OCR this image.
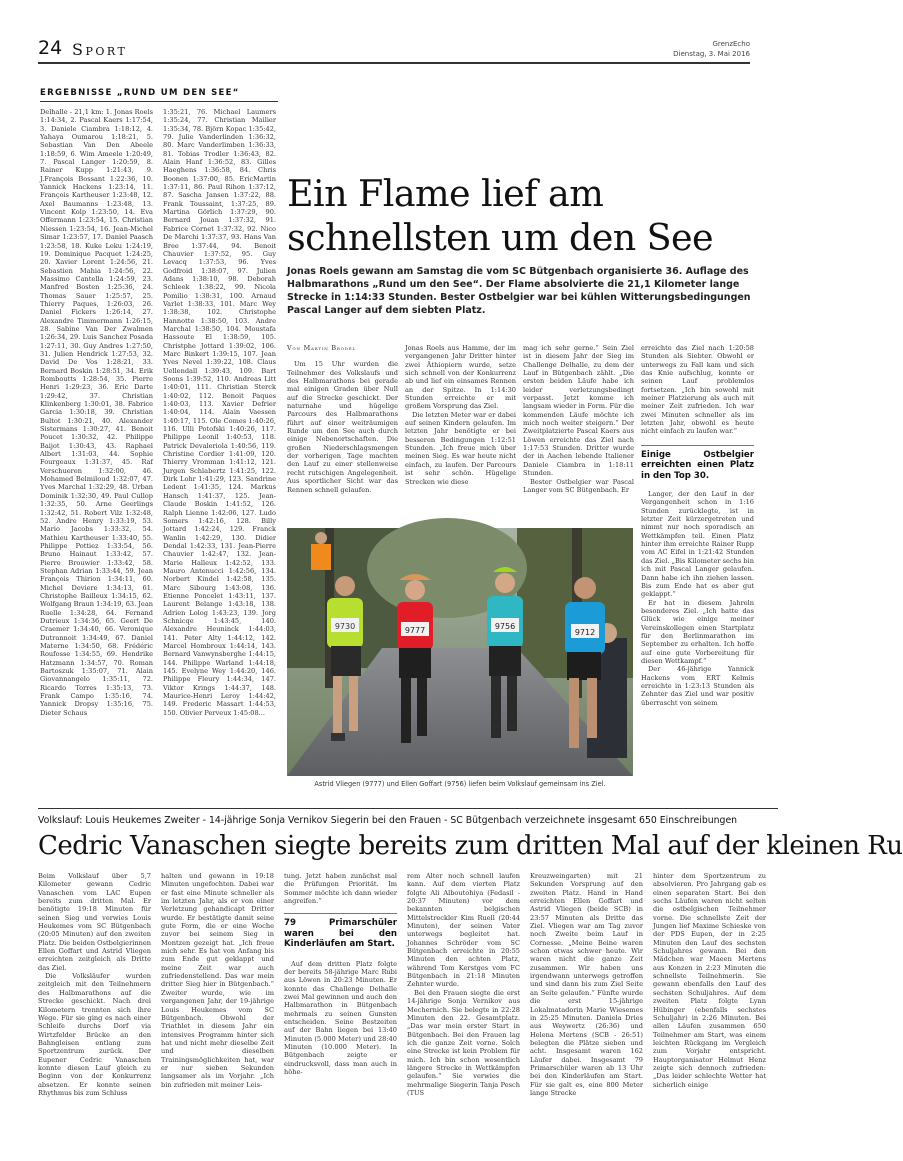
24 Sport	GrenzEcho
Dienstag, 3. Mai 2016
ERGEBNISSE „RUND UM DEN SEE“

Delhalle - 21,1 km: 1. Jonas Roels 1:14:34, 2. Pascal Kaers 1:17:54, 3. Daniele Ciambra 1:18:12, 4. Yahaya Oumarou 1:18:21, 5. Sebastian Van Den Abeele 1:18:59, 6. Wim Ameele 1:20:49, 7. Pascal Langer 1:20:59, 8. Rainer Kupp 1:21:43, 9. J.François Bossant 1:22:36, 10. Yannick Hackens 1:23:14, 11. François Kartheuser 1:23:48, 12. Axel Baumanns 1:23:48, 13. Vincent Kolp 1:23:50, 14. Eva Offermann 1:23:54, 15. Christian Niessen 1:23:54, 16. Jean-Michel Simar 1:23:57, 17. Daniel Paasch 1:23:58, 18. Kuke Leku 1:24:19, 19. Dominique Pacquet 1:24:25, 20. Xavier Lorent 1:24:56, 21. Sebastien Mahia 1:24:56, 22. Massimo Cantella 1:24:59, 23. Manfred Bosten 1:25:36, 24. Thomas Sauer 1:25:57, 25. Thierry Paques, 1:26:03, 26. Daniel Fickers 1:26:14, 27. Alexandre Timmermann 1:26:15, 28. Sabine Van Der Zwalmen 1:26:34, 29. Luis Sanchez Posada 1:27:11, 30. Guy Andres 1:27:50, 31. Julien Hendrick 1:27:53, 32. David De Vos 1:28:21, 33. Bernard Boskin 1:28:51, 34. Erik Romboutts 1:28:54, 35. Pierre Henri 1:29:23, 36. Eric Darte 1:29:42, 37. Christian Klinkenberg 1:30:01, 38. Fabrice Garcia 1:30:18, 39. Christian Bultot 1:30:21, 40. Alexander Sistermans 1:30:27, 41. Benoit Poucet 1:30:32, 42. Philippe Baijot 1:30:43, 43. Raphael Albert 1:31:03, 44. Sophie Fourgeaux 1:31:37, 45. Raf Verschueren 1:32:00, 46. Mohamed Belmiloud 1:32:07, 47. Yves Marchal 1:32:29, 48. Urban Dominik 1:32:30, 49. Paul Cullop 1:32:35, 50. Arne Geerlings 1:32:42, 51. Robert Vilz 1:32:48, 52. Andre Henry 1:33:19, 53. Mario Jacobs 1:33:32, 54. Mathieu Kartheuser 1:33:40, 55. Philippe Pottiez 1:33:54, 56. Bruno Hainaut 1:33:42, 57. Pierre Brouwier 1:33:42, 58. Stephan Adrian 1:33:44, 59. Jean François Thirion 1:34:11, 60. Michel Deviere 1:34:13, 61. Christophe Bailleux 1:34:15, 62. Wolfgang Braun 1:34:19, 63. Jean Ruelle 1:34:28, 64. Fernand Dutrieux 1:34:36, 65. Geert De Craemer 1:34:40, 66. Veronique Dutrannoit 1:34:49, 67. Daniel Materne 1:34:50, 68. Frédéric Roufosse 1:34:55, 69. Hendrike Hatzmann 1:34:57, 70. Roman Bartoszuk 1:35:07, 71. Alain Giovannangelo 1:35:11, 72. Ricardo Torres 1:35:13, 73. Frank Campo 1:35:16, 74. Yannick Dropsy 1:35:16, 75. Dieter Schaus

1:35:21, 76. Michael Laumers 1:35:24, 77. Christian Mailier 1:35:34, 78. Björn Kopac 1:35:42, 79. Julie Vanderlinden 1:36:32, 80. Marc Vanderlimben 1:36:33, 81. Tobias Trodler 1:36:43, 82. Alain Hanf 1:36:52, 83. Gilles Haeghens 1:36:58, 84. Chris Boonen 1:37:00, 85. EricMartin 1:37:11, 86. Paul Rihon 1:37:12, 87. Sascha Jansen 1:37:22, 88. Frank Toussaint, 1:37:25, 89. Martina Görlich 1:37:29, 90. Bernard Jouan 1:37:32, 91. Fabrice Cornet 1:37:32, 92. Nico De Marchi 1:37:37, 93. Hans Van Bree 1:37:44, 94. Benoit Chauvier 1:37:52, 95. Guy Levacq 1:37:53, 96. Yves Godfroid 1:38:07, 97. Julien Adans 1:38:10, 98. Deborah Schleek 1:38:22, 99. Nicola Pomilio 1:38:31, 100. Arnaud Varlet 1:38:33, 101. Marc Wey 1:38:38, 102. Christophe Hannotte 1:38:50, 103. Andre Marchal 1:38:50, 104. Moustafa Hassoute El 1:38:59, 105. Christphe Jottard 1:39:02, 106. Marc Binkert 1:39:15, 107. Jean Yves Nevel 1:39:22, 108. Claus Uellendall 1:39:43, 109. Bart Soons 1:39:52, 110. Andreas Litt 1:40:01, 111. Christian Sterck 1:40:02, 112. Benoit Paques 1:40:03, 113. Xavier Defrier 1:40:04, 114. Alain Vaessen 1:40:17, 115. Ole Comes 1:40:26, 116. Ulli Potofski 1:40:26, 117. Philippe Leonil 1:40:53, 118. Patrick Devaleriola 1:40:56, 119. Christine Cordier 1:41:09, 120. Thierry Vromman 1:41:12, 121. Jurgen Schlabertz 1:41:25, 122. Dirk Lohr 1:41:29, 123. Sandrine Ledent 1:41:35, 124. Markus Hansch 1:41:37, 125. Jean-Claude Boskin 1:41:52, 126. Ralph Lienne 1:42:06, 127. Ludo Somers 1:42:16, 128. Billy Jottard 1:42:24, 129. Franck Wanlin 1:42:29, 130. Didier Dendal 1:42:33, 131. Jean-Pierre Chauvier 1:42:47, 132. Jean-Marie Halleux 1:42:52, 133. Mauro Antenucci 1:42:56, 134. Norbert Kindel 1:42:58, 135. Marc Sibourg 1:43:08, 136. Etienne Poncelet 1:43:11, 137. Laurent Belange 1:43:18, 138. Adrien Lolog 1:43:23, 139. Jorg Schnicqe 1:43:45, 140. Alexandre Heuninck 1:44:03, 141. Peter Alty 1:44:12, 142. Marcel Hombroux 1:44:14, 143. Bernard Vanwynsberghe 1:44:15, 144. Philippe Warland 1:44:18, 145. Evelyne Wey 1:44:20, 146. Philippe Fleury 1:44:34, 147. Viktor Krings 1:44:37, 148. Maurice-Henri Leroy 1:44:42, 149. Frederic Massart 1:44:53, 150. Olivier Perveux 1:45:08...

Ein Flame lief am schnellsten um den See
Jonas Roels gewann am Samstag die vom SC Bütgenbach organisierte 36. Auflage des Halbmarathons „Rund um den See“. Der Flame absolvierte die 21,1 Kilometer lange Strecke in 1:14:33 Stunden. Bester Ostbelgier war bei kühlen Witterungsbedingungen Pascal Langer auf dem siebten Platz.
Von Martin Brodel

Um 15 Uhr wurden die Teilnehmer des Volkslaufs und des Halbmarathons bei gerade mal einigen Graden über Null auf die Strecke geschickt. Der naturnahe und hügelige Parcours des Halbmarathons führt auf einer weiträumigen Runde um den See auch durch einige Nebenortschaften. Die großen Niederschlagsmengen der vorherigen Tage machten den Lauf zu einer stellenweise recht rutschigen Angelegenheit. Aus sportlicher Sicht war das Rennen schnell gelaufen.

Jonas Roels aus Hamme, der im vergangenen Jahr Dritter hinter zwei Äthiopiern wurde, setze sich schnell von der Konkurrenz ab und lief ein einsames Rennen an der Spitze. In 1:14:30 Stunden erreichte er mit großem Vorsprung das Ziel.

Die letzten Meter war er dabei auf seinen Kindern gelaufen. Im letzten Jahr benötigte er bei besseren Bedingungen 1:12:51 Stunden. „Ich freue mich über meinen Sieg. Es war heute nicht einfach, zu laufen. Der Parcours ist sehr schön. Hügelige Strecken wie diese

mag ich sehr gerne.“ Sein Ziel ist in diesem Jahr der Sieg im Challenge Delhalle, zu dem der Lauf in Bütgenbach zählt. „Die ersten beiden Läufe habe ich leider verletzungsbedingt verpasst. Jetzt komme ich langsam wieder in Form. Für die kommenden Läufe möchte ich mich noch weiter steigern.“ Der Zweitplatzierte Pascal Kaers aus Löwen erreichte das Ziel nach 1:17:53 Stunden. Dritter wurde der in Aachen lebende Italiener Daniele Ciambra in 1:18:11 Stunden.

Bester Ostbelgier war Pascal Langer vom SC Bütgenbach. Er

erreichte das Ziel nach 1:20:58 Stunden als Siebter. Obwohl er unterwegs zu Fall kam und sich das Knie aufschlug, konnte er seinen Lauf problemlos fortsetzen. „Ich bin sowohl mit meiner Platzierung als auch mit meiner Zeit zufrieden. Ich war zwei Minuten schneller als im letzten Jahr, obwohl es heute nicht einfach zu laufen war.“

Einige Ostbelgier erreichten einen Platz in den Top 30.

Langer, der den Lauf in der Vergangenheit schon in 1:16 Stunden zurücklegte, ist in letzter Zeit kürzergetreten und nimmt nur noch sporadisch an Wettkämpfen teil. Einen Platz hinter ihm erreichte Rainer Rupp vom AC Eifel in 1:21:42 Stunden das Ziel. „Bis Kilometer sechs bin ich mit Pascal Langer gelaufen. Dann habe ich ihn ziehen lassen. Bis zum Ende hat es aber gut geklappt.“

Er hat in diesem Jahreln besonderes Ziel. „Ich hatte das Glück wie einige meiner Vereinskollegen einen Startplatz für den Berlinmarathon im September zu erhalten. Ich hoffe auf eine gute Vorbereitung für diesen Wettkampf.“

Der 46-jährige Yannick Hackens vom ERT Kelmis erreichte in 1:23:13 Stunden als Zehnter das Ziel und war positiv überrascht von seinem

9730	9777	9756
9712
Astrid Vliegen (9777) und Ellen Goffart (9756) liefen beim Volkslauf gemeinsam ins Ziel.
Volkslauf: Louis Heukemes Zweiter - 14-jährige Sonja Vernikov Siegerin bei den Frauen - SC Bütgenbach verzeichnete insgesamt 650 Einschreibungen
Cedric Vanaschen siegte bereits zum dritten Mal auf der kleinen Ru

Beim Volkslauf über 5,7 Kilometer gewann Cedric Vanaschen vom LAC Eupen bereits zum dritten Mal. Er benötigte 19:18 Minuten für seinen Sieg und verwies Louis Heukemes vom SC Bütgenbach (20:05 Minuten) auf den zweiten Platz. Die beiden Ostbelgierinnen Ellen Goffart und Astrid Vliegen erreichten zeitgleich als Dritte das Ziel.

Die Volksläufer wurden zeitgleich mit den Teilnehmern des Halbmarathons auf die Strecke geschickt. Nach drei Kilometern trennten sich ihre Wege. Für sie ging es nach einer Schleife durchs Dorf via Wirtzfelder Brücke an den Bahngleisen entlang zum Sportzentrum zurück. Der Eupener Cedric Vanaschen konnte diesen Lauf gleich zu Beginn von der Konkurrenz absetzen. Er konnte seinen Rhythmus bis zum Schluss

halten und gewann in 19:18 Minuten ungefochten. Dabei war er fast eine Minute schneller als im letzten Jahr, als er von einer Verletzung gehandicapt Dritter wurde. Er bestätigte damit seine gute Form, die er eine Woche zuvor bei seinem Sieg in Montzen gezeigt hat. „Ich freue mich sehr. Es hat von Anfang bis zum Ende gut geklappt und meine Zeit war auch zufriedenstellend. Das war mein dritter Sieg hier in Bütgenbach.“ Zweiter wurde, wie im vergangenen Jahr, der 19-jährige Louis Heukemes vom SC Bütgenbach. Obwohl der Triathlet in diesem Jahr ein intensives Programm hinter sich hat und nicht mehr dieselbe Zeit und dieselben Trainingsmöglichkeiten hat, war er nur sieben Sekunden langsamer als im Vorjahr. „Ich bin zufrieden mit meiner Leis-

tung. Jetzt haben zunächst mal die Prüfungen Priorität. Im Sommer möchte ich dann wieder angreifen.“

79 Primarschüler waren bei den Kinderläufen am Start.

Auf dem dritten Platz folgte der bereits 58-jährige Marc Rubi aus Löwen in 20:23 Minuten. Er konnte das Challenge Delhalle zwei Mal gewinnen und auch den Halbmarathon in Bütgenbach mehrmals zu seinen Gunsten entscheiden. Seine Bestzeiten auf der Bahn liegen bei 13:40 Minuten (5.000 Meter) und 28:40 Minuten (10.000 Meter). In Bütgenbach zeigte er eindrucksvoll, dass man auch in höhe-

rem Alter noch schnell laufen kann. Auf dem vierten Platz folgte Ali Alboutohiya (Fedasil - 20:37 Minuten) vor dem bekannten belgischen Mittelstreckler Kim Ruell (20:44 Minuten), der seinen Vater unterwegs begleitet hat. Johannes Schröder vom SC Bütgenbach erreichte in 20:55 Minuten den achten Platz, während Tom Kerstges vom FC Bütgenbach in 21:18 Minuten Zehnter wurde.

Bei den Frauen siegte die erst 14-jährige Sonja Vernikov aus Mechernich. Sie belegte in 22:28 Minuten den 22. Gesamtplatz. „Das war mein erster Start in Bütgenbach. Bei den Frauen lag ich die ganze Zeit vorne. Solch eine Strecke ist kein Problem für mich. Ich bin schon wesentlich längere Strecke in Wettkämpfen gelaufen.“ Sie verwies die mehrmalige Siegerin Tanja Pesch (TUS

Kreuzweingarten) mit 21 Sekunden Vorsprung auf den zweiten Platz. Hand in Hand erreichten Ellen Goffart und Astrid Vliegen (beide SCB) in 23:57 Minuten als Dritte das Ziel. Vliegen war am Tag zuvor noch Zweite beim Lauf in Cornesse. „Meine Beine waren schon etwas schwer heute. Wir waren nicht die ganze Zeit zusammen. Wir haben uns irgendwann unterwegs getroffen und sind dann bis zum Ziel Seite an Seite gelaufen.“ Fünfte wurde die erst 15-jährige Lokalmatadorin Marie Wiesemes in 25:25 Minuten. Daniela Dries aus Weywertz (26:36) und Helena Mertens (SCB - 26:51) belegten die Plätze sieben und acht. Insgesamt waren 162 Läufer dabei. Insgesamt 79 Primarschüler waren ab 13 Uhr bei den Kinderläufen am Start. Für sie galt es, eine 800 Meter lange Strecke

hinter dem Sportzentrum zu absolvieren. Pro Jahrgang gab es einen separaten Start. Bei den sechs Läufen waren nicht selten die ostbelgischen Teilnehmer vorne. Die schnellste Zeit der Jungen lief Maxime Schieske von der PDS Eupen, der in 2:25 Minuten den Lauf des sechsten Schuljahres gewann. Bei den Mädchen war Maeen Mertens aus Konzen in 2:23 Minuten die schnellste Teilnehmerin. Sie gewann ebenfalls den Lauf des sechsten Schuljahres. Auf dem zweiten Platz folgte Lynn Hübinger (ebenfalls sechstes Schuljahr) in 2:26 Minuten. Bei allen Läufen zusammen 650 Teilnehmer am Start, was einem leichten Rückgang im Vergleich zum Vorjahr entspricht. Hauptorganisator Helmut Henz zeigte sich dennoch zufrieden: „Das leider schlechte Wetter hat sicherlich einige
